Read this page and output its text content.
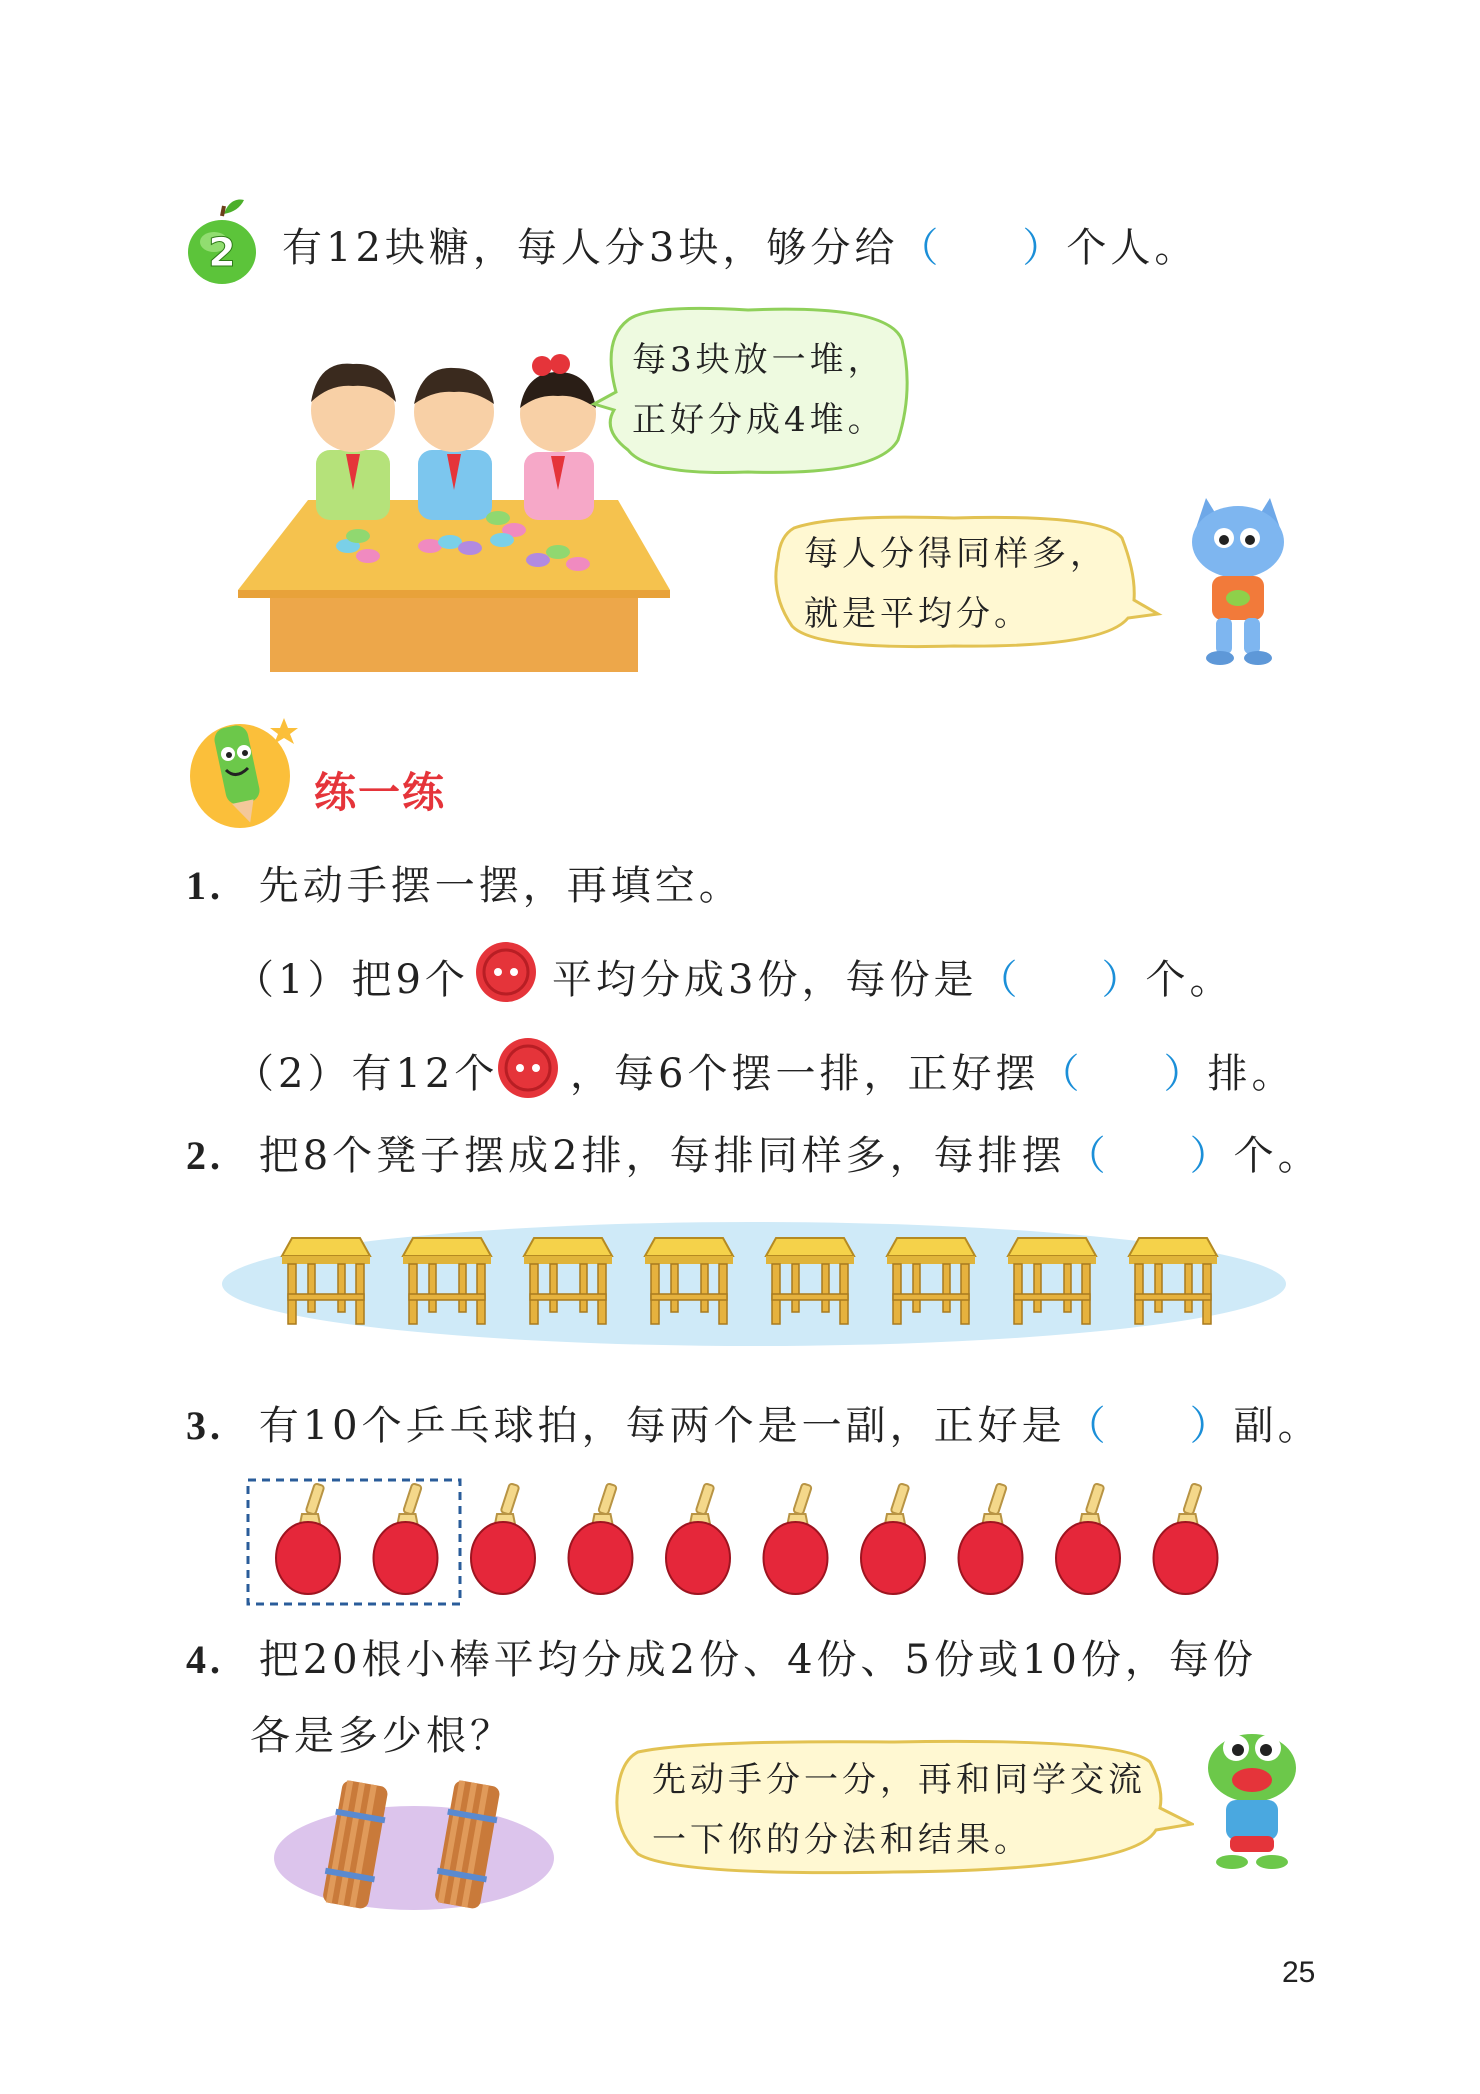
2 有12块糖，每人分3块，够分给（ ）个人。
每3块放一堆，
正好分成4堆。
每人分得同样多，
就是平均分。
练一练
1. 先动手摆一摆，再填空。
（1）把9个 平均分成3份，每份是（ ）个。
（2）有12个 ，每6个摆一排，正好摆（ ）排。
2. 把8个凳子摆成2排，每排同样多，每排摆（ ）个。
3. 有10个乒乓球拍，每两个是一副，正好是（ ）副。
4. 把20根小棒平均分成2份、4份、5份或10份，每份
各是多少根？
先动手分一分，再和同学交流
一下你的分法和结果。
25
